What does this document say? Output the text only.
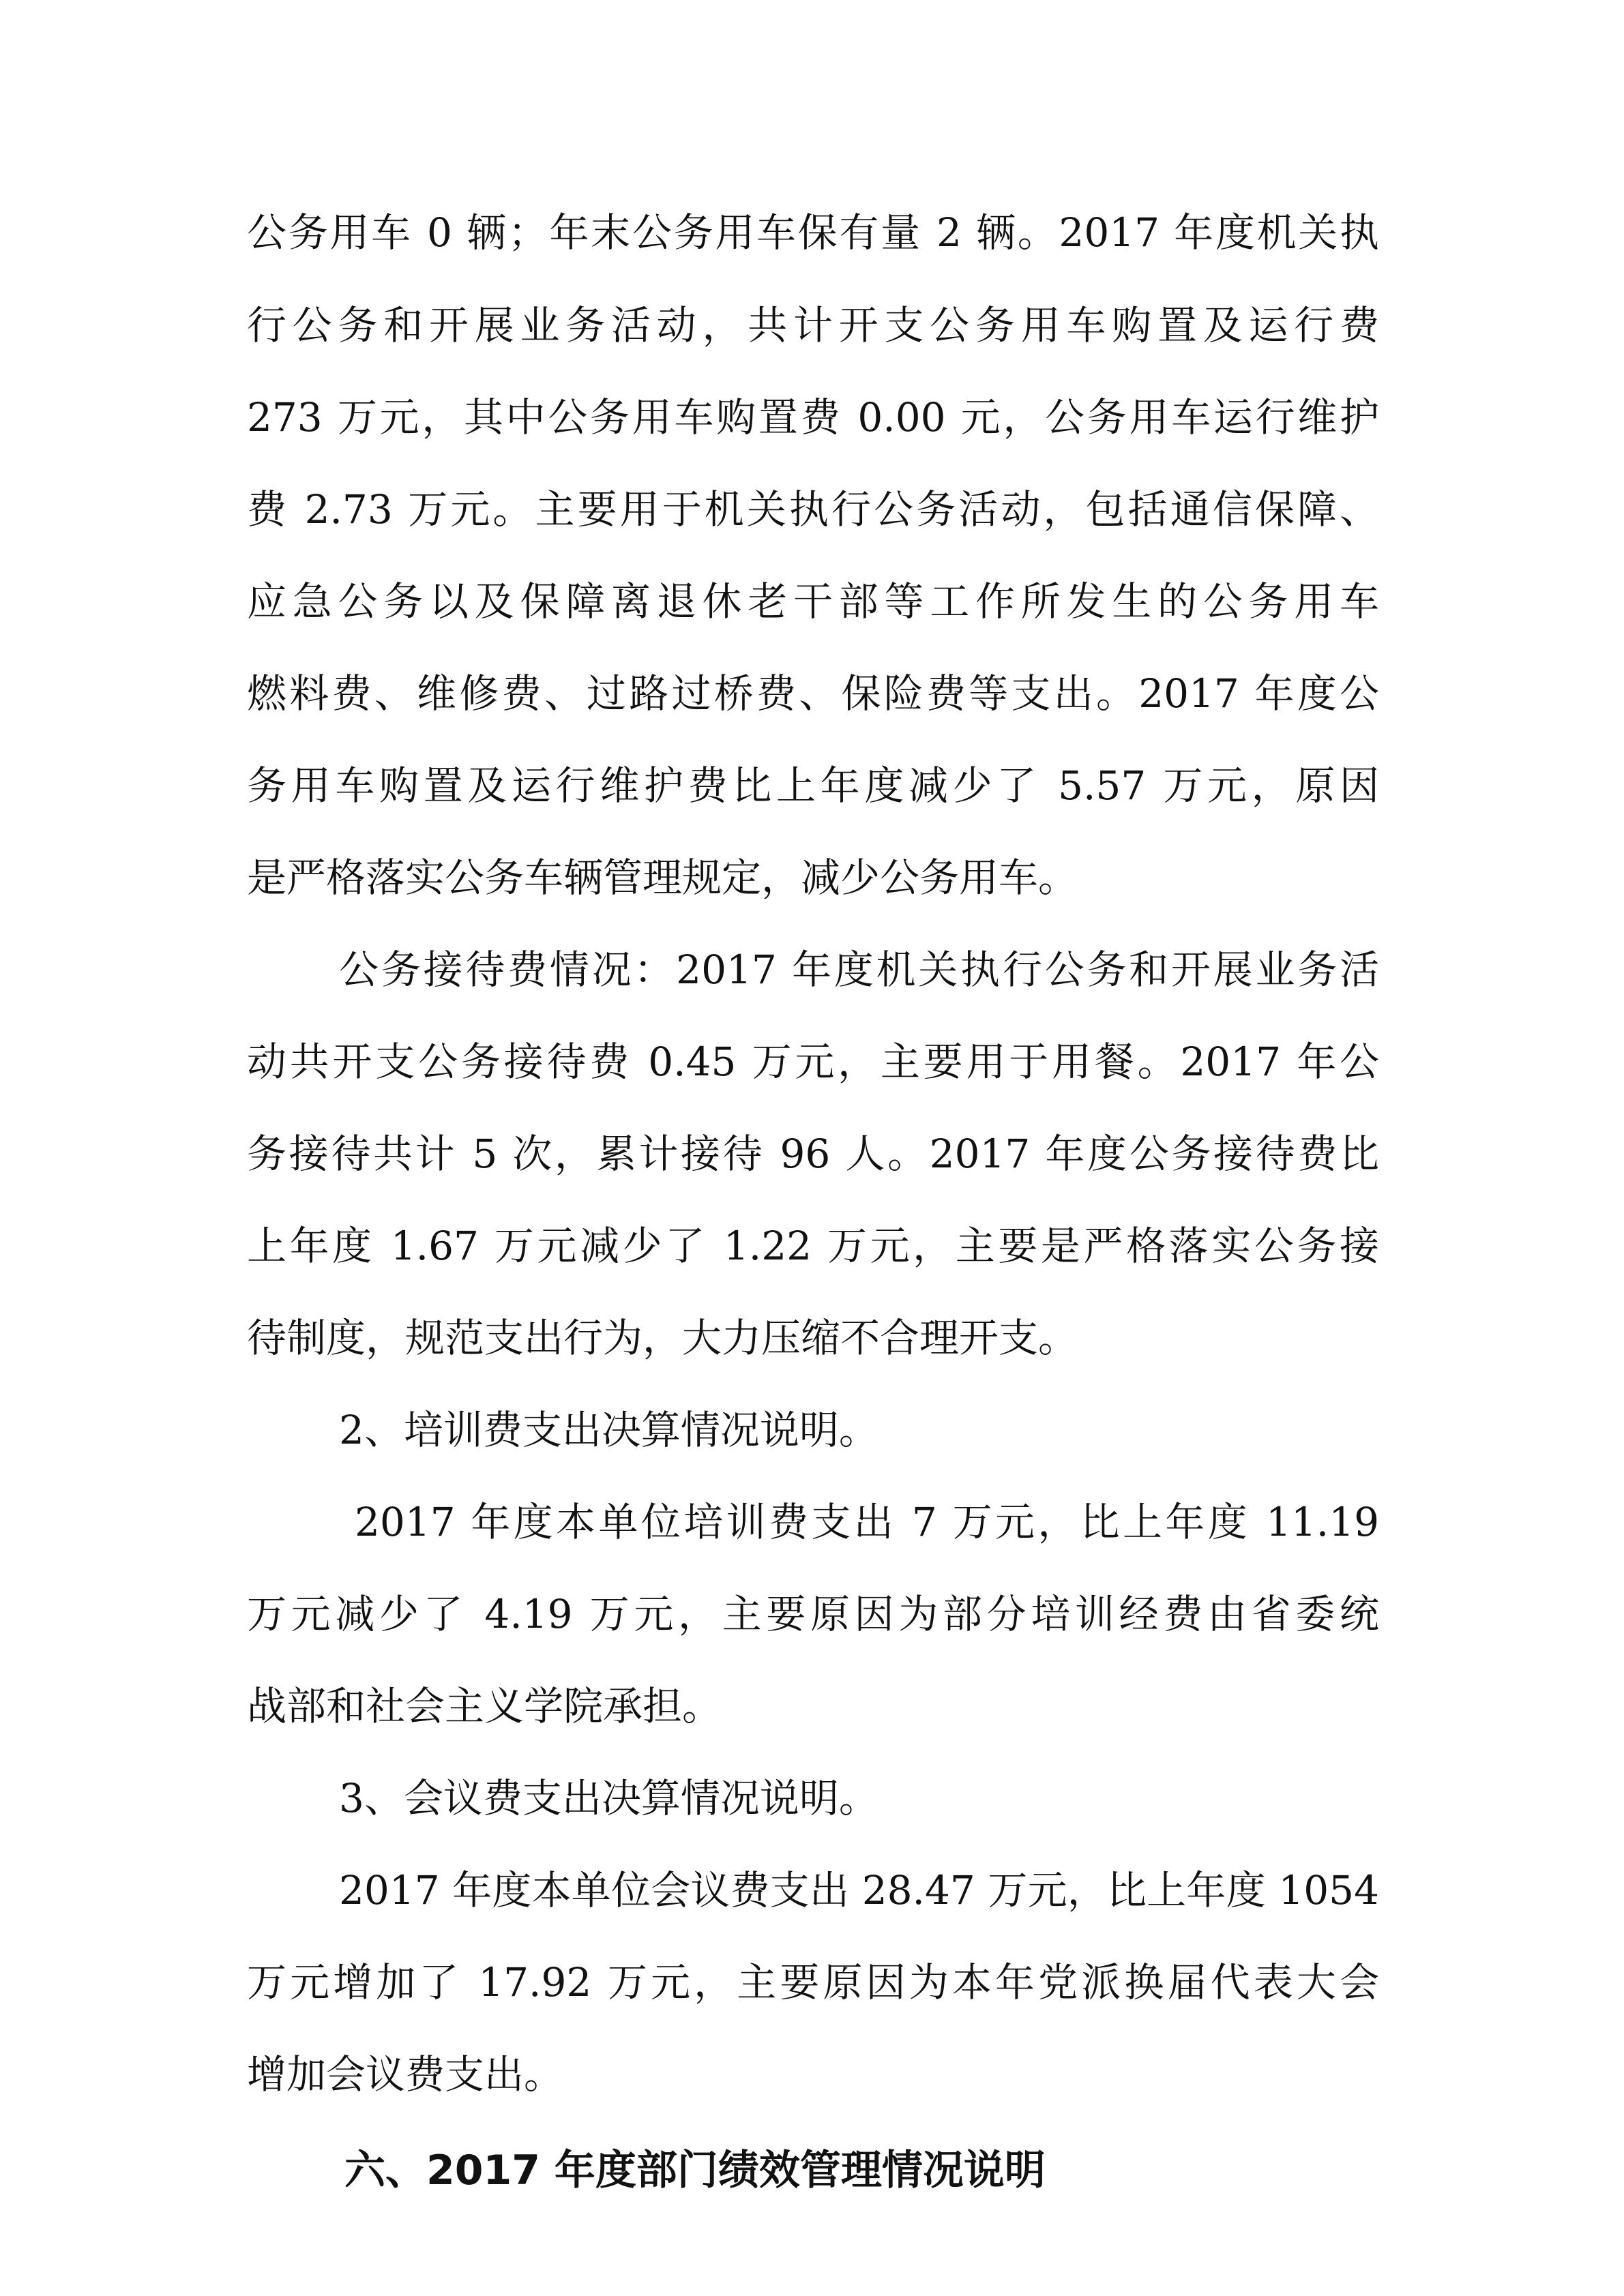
公务用车 0 辆；年末公务用车保有量 2 辆。2017 年度机关执
行公务和开展业务活动，共计开支公务用车购置及运行费
273 万元，其中公务用车购置费 0.00 元，公务用车运行维护
费 2.73 万元。主要用于机关执行公务活动，包括通信保障、
应急公务以及保障离退休老干部等工作所发生的公务用车
燃料费、维修费、过路过桥费、保险费等支出。2017 年度公
务用车购置及运行维护费比上年度减少了 5.57 万元，原因
是严格落实公务车辆管理规定，减少公务用车。
公务接待费情况：2017 年度机关执行公务和开展业务活
动共开支公务接待费 0.45 万元，主要用于用餐。2017 年公
务接待共计 5 次，累计接待 96 人。2017 年度公务接待费比
上年度 1.67 万元减少了 1.22 万元，主要是严格落实公务接
待制度，规范支出行为，大力压缩不合理开支。
2、培训费支出决算情况说明。
2017 年度本单位培训费支出 7 万元，比上年度 11.19
万元减少了 4.19 万元，主要原因为部分培训经费由省委统
战部和社会主义学院承担。
3、会议费支出决算情况说明。
2017 年度本单位会议费支出 28.47 万元，比上年度 1054
万元增加了 17.92 万元，主要原因为本年党派换届代表大会
增加会议费支出。
六、2017 年度部门绩效管理情况说明
